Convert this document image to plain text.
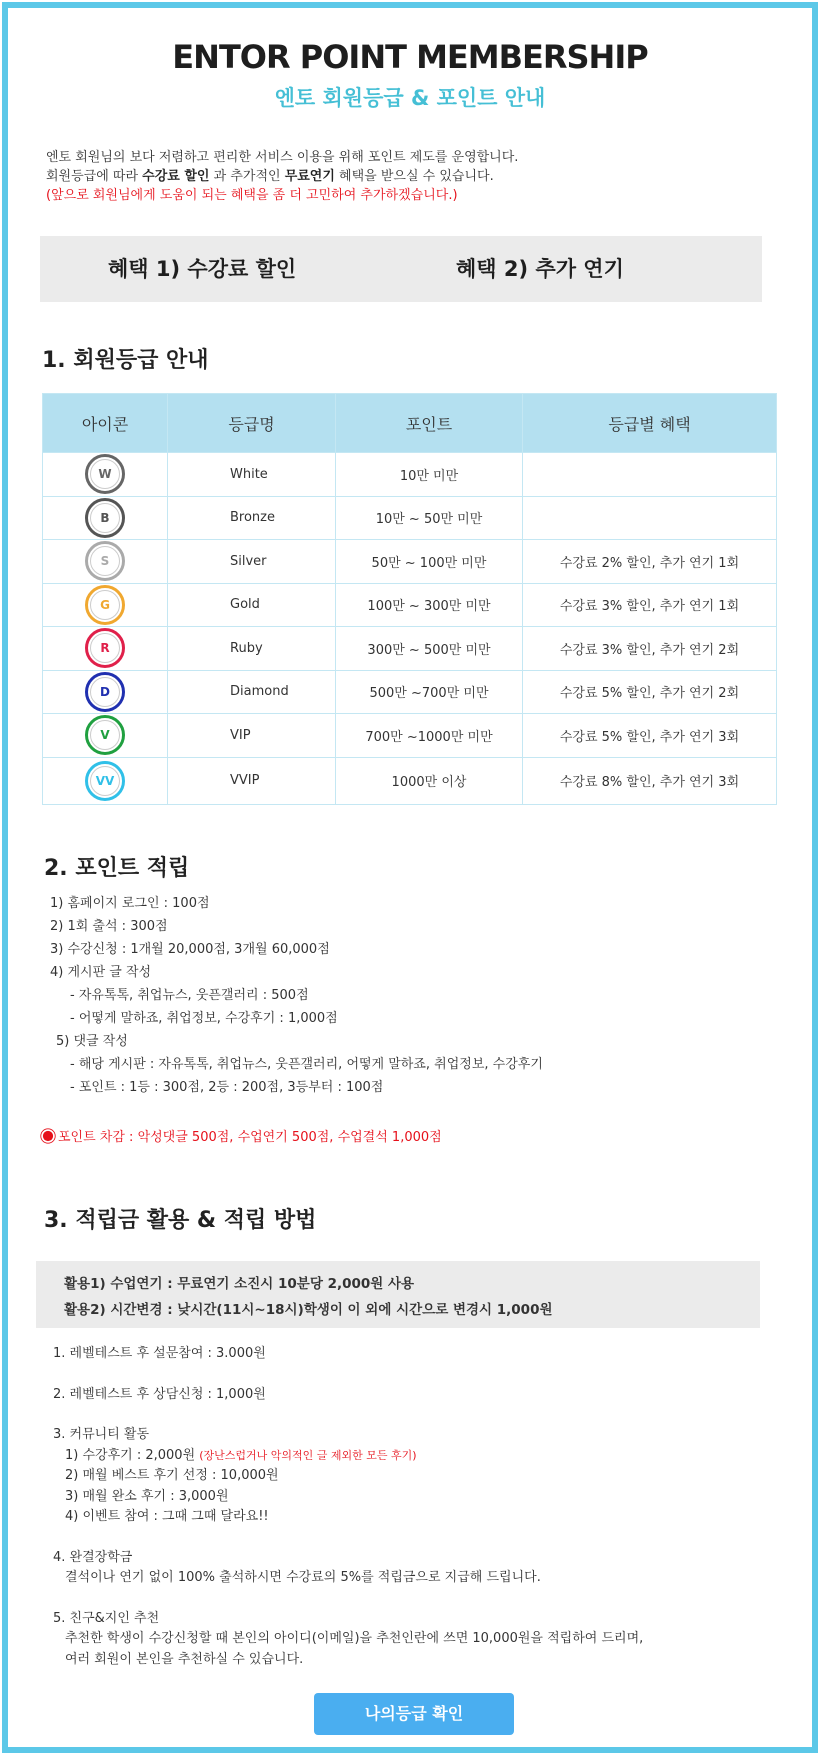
ENTOR POINT MEMBERSHIP
엔토 회원등급 & 포인트 안내
엔토 회원님의 보다 저렴하고 편리한 서비스 이용을 위해 포인트 제도를 운영합니다.
회원등급에 따라 수강료 할인 과 추가적인 무료연기 혜택을 받으실 수 있습니다.
(앞으로 회원님에게 도움이 되는 혜택을 좀 더 고민하여 추가하겠습니다.)
혜택 1) 수강료 할인	혜택 2) 추가 연기
1. 회원등급 안내
아이콘	등급명	포인트	등급별 혜택

W	White	10만 미만	

B	Bronze	10만 ~ 50만 미만	

S	Silver	50만 ~ 100만 미만	수강료 2% 할인, 추가 연기 1회

G	Gold	100만 ~ 300만 미만	수강료 3% 할인, 추가 연기 1회

R	Ruby	300만 ~ 500만 미만	수강료 3% 할인, 추가 연기 2회

D	Diamond	500만 ~700만 미만	수강료 5% 할인, 추가 연기 2회

V	VIP	700만 ~1000만 미만	수강료 5% 할인, 추가 연기 3회

VV	VVIP	1000만 이상	수강료 8% 할인, 추가 연기 3회
2. 포인트 적립
1) 홈페이지 로그인 : 100점
2) 1회 출석 : 300점
3) 수강신청 : 1개월 20,000점, 3개월 60,000점
4) 게시판 글 작성
- 자유톡톡, 취업뉴스, 웃픈갤러리 : 500점
- 어떻게 말하죠, 취업정보, 수강후기 : 1,000점
5) 댓글 작성
- 해당 게시판 : 자유톡톡, 취업뉴스, 웃픈갤러리, 어떻게 말하죠, 취업정보, 수강후기
- 포인트 : 1등 : 300점, 2등 : 200점, 3등부터 : 100점
포인트 차감 : 악성댓글 500점, 수업연기 500점, 수업결석 1,000점
3. 적립금 활용 & 적립 방법
활용1) 수업연기 : 무료연기 소진시 10분당 2,000원 사용
활용2) 시간변경 : 낮시간(11시~18시)학생이 이 외에 시간으로 변경시 1,000원
1. 레벨테스트 후 설문참여 : 3.000원
2. 레벨테스트 후 상담신청 : 1,000원
3. 커뮤니티 활동
1) 수강후기 : 2,000원 (장난스럽거나 악의적인 글 제외한 모든 후기)
2) 매월 베스트 후기 선정 : 10,000원
3) 매월 완소 후기 : 3,000원
4) 이벤트 참여 : 그때 그때 달라요!!
4. 완결장학금
결석이나 연기 없이 100% 출석하시면 수강료의 5%를 적립금으로 지급해 드립니다.
5. 친구&지인 추천
추천한 학생이 수강신청할 때 본인의 아이디(이메일)을 추천인란에 쓰면 10,000원을 적립하여 드리며,
여러 회원이 본인을 추천하실 수 있습니다.
나의등급 확인
